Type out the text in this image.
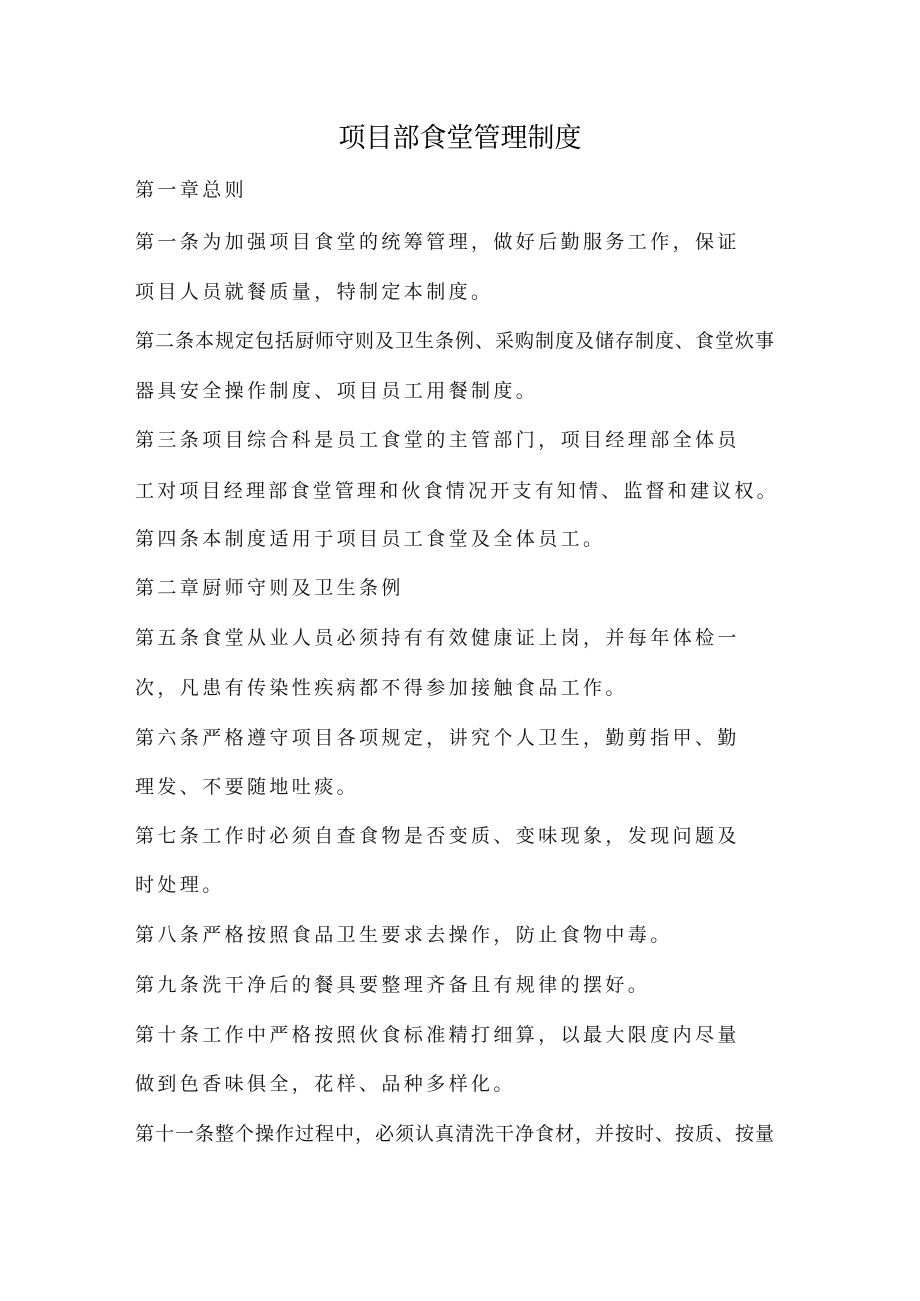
项目部食堂管理制度
第一章总则
第一条为加强项目食堂的统筹管理，做好后勤服务工作，保证
项目人员就餐质量，特制定本制度。
第二条本规定包括厨师守则及卫生条例、采购制度及储存制度、食堂炊事
器具安全操作制度、项目员工用餐制度。
第三条项目综合科是员工食堂的主管部门，项目经理部全体员
工对项目经理部食堂管理和伙食情况开支有知情、监督和建议权。
第四条本制度适用于项目员工食堂及全体员工。
第二章厨师守则及卫生条例
第五条食堂从业人员必须持有有效健康证上岗，并每年体检一
次，凡患有传染性疾病都不得参加接触食品工作。
第六条严格遵守项目各项规定，讲究个人卫生，勤剪指甲、勤
理发、不要随地吐痰。
第七条工作时必须自查食物是否变质、变味现象，发现问题及
时处理。
第八条严格按照食品卫生要求去操作，防止食物中毒。
第九条洗干净后的餐具要整理齐备且有规律的摆好。
第十条工作中严格按照伙食标准精打细算，以最大限度内尽量
做到色香味俱全，花样、品种多样化。
第十一条整个操作过程中，必须认真清洗干净食材，并按时、按质、按量
